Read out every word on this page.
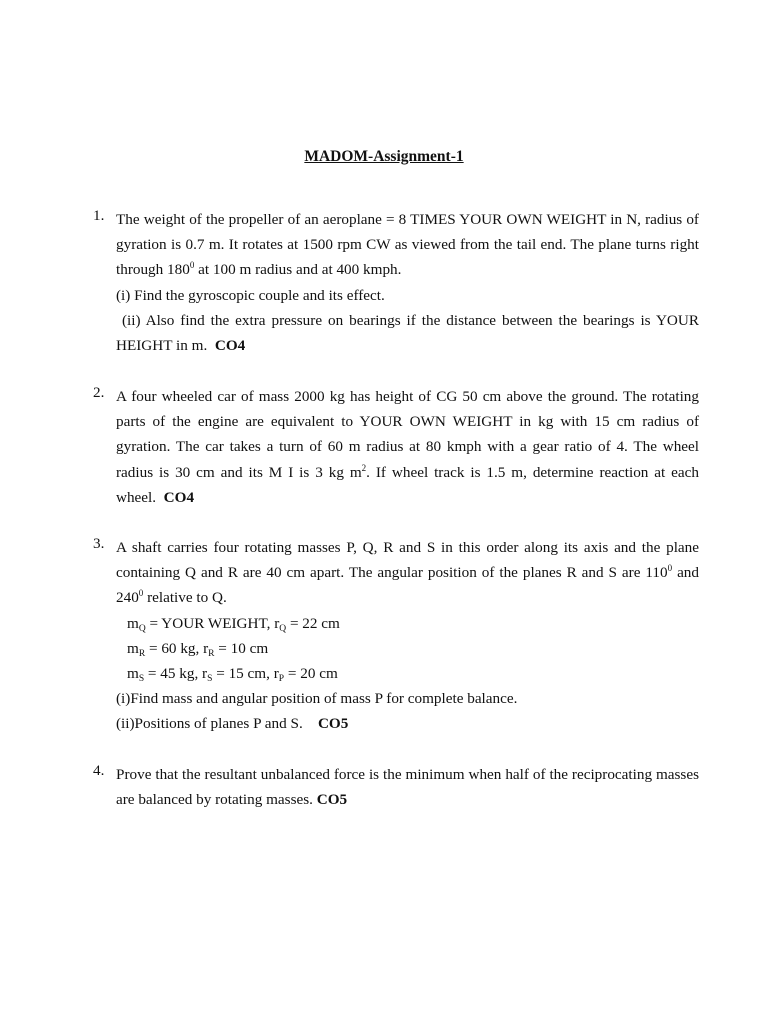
MADOM-Assignment-1
1. The weight of the propeller of an aeroplane = 8 TIMES YOUR OWN WEIGHT in N, radius of gyration is 0.7 m. It rotates at 1500 rpm CW as viewed from the tail end. The plane turns right through $180^0$ at 100 m radius and at 400 kmph.

(i) Find the gyroscopic couple and its effect.

(ii) Also find the extra pressure on bearings if the distance between the bearings is YOUR HEIGHT in m. CO4

2. A four wheeled car of mass 2000 kg has height of CG 50 cm above the ground. The rotating parts of the engine are equivalent to YOUR OWN WEIGHT in kg with 15 cm radius of gyration. The car takes a turn of 60 m radius at 80 kmph with a gear ratio of 4. The wheel radius is 30 cm and its M I is 3 kg $m^2$. If wheel track is 1.5 m, determine reaction at each wheel. CO4

3. A shaft carries four rotating masses P, Q, R and S in this order along its axis and the plane containing Q and R are 40 cm apart. The angular position of the planes R and S are $110^0$ and $240^0$ relative to Q.

$m_Q$ = YOUR WEIGHT, $r_Q = 22$ cm

$m_R = 60$ kg, $r_R = 10$ cm

$m_S = 45$ kg, $r_S = 15$ cm, $r_P = 20$ cm

(i)Find mass and angular position of mass P for complete balance.

(ii)Positions of planes P and S. CO5

4. Prove that the resultant unbalanced force is the minimum when half of the reciprocating masses are balanced by rotating masses. CO5
